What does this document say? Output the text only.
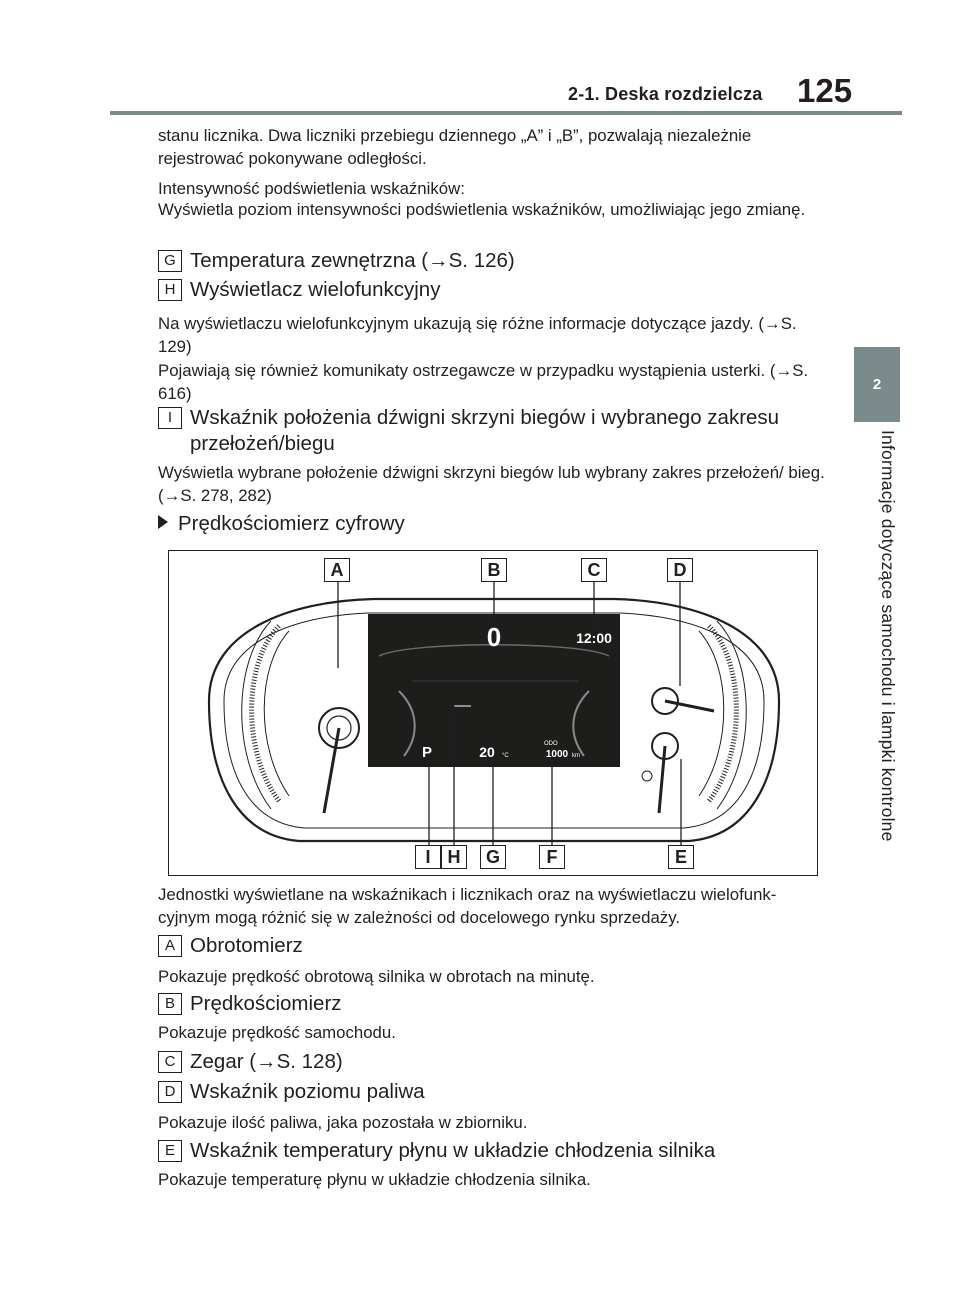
2-1. Deska rozdzielcza 125
2
Informacje dotyczące samochodu i lampki kontrolne

stanu licznika. Dwa liczniki przebiegu dziennego „A” i „B”, pozwalają niezależnie rejestrować pokonywane odległości.

Intensywność podświetlenia wskaźników:

Wyświetla poziom intensywności podświetlenia wskaźników, umożliwiając jego zmianę.

G Temperatura zewnętrzna (→S. 126)
H Wyświetlacz wielofunkcyjny

Na wyświetlaczu wielofunkcyjnym ukazują się różne informacje dotyczące jazdy. (→S. 129)

Pojawiają się również komunikaty ostrzegawcze w przypadku wystąpienia usterki. (→S. 616)

I Wskaźnik położenia dźwigni skrzyni biegów i wybranego zakresu przełożeń/biegu

Wyświetla wybrane położenie dźwigni skrzyni biegów lub wybrany zakres przełożeń/ bieg. (→S. 278, 282)

Prędkościomierz cyfrowy

Jednostki wyświetlane na wskaźnikach i licznikach oraz na wyświetlaczu wielofunk- cyjnym mogą różnić się w zależności od docelowego rynku sprzedaży.

A Obrotomierz

Pokazuje prędkość obrotową silnika w obrotach na minutę.

B Prędkościomierz

Pokazuje prędkość samochodu.

C Zegar (→S. 128)
D Wskaźnik poziomu paliwa

Pokazuje ilość paliwa, jaka pozostała w zbiorniku.

E Wskaźnik temperatury płynu w układzie chłodzenia silnika

Pokazuje temperaturę płynu w układzie chłodzenia silnika.

0	12:00
P	20 °C
ODO
1000 km
A	B	C	D
I H	G	F	E
